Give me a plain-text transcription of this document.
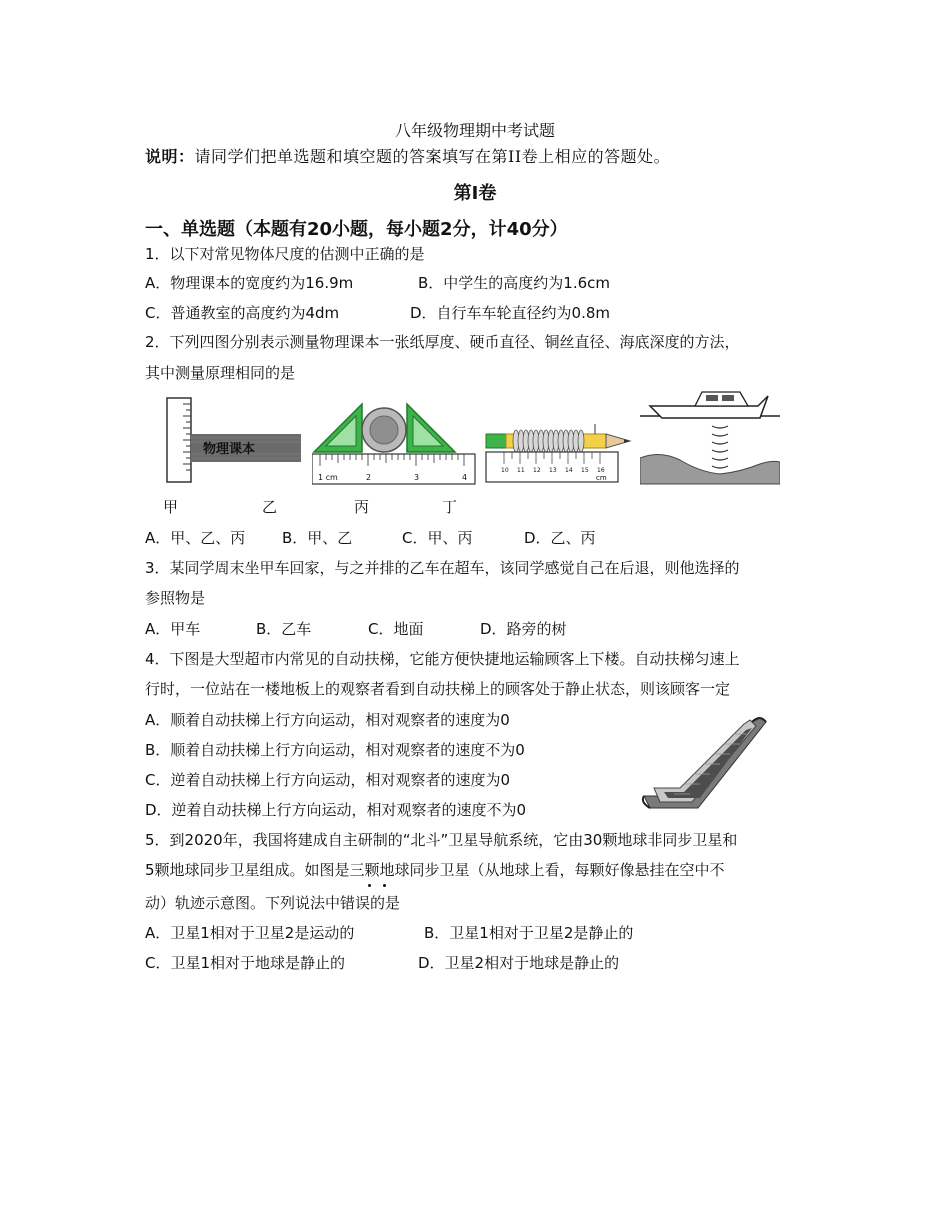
八年级物理期中考试题
说明：请同学们把单选题和填空题的答案填写在第II卷上相应的答题处。
第I卷
一、单选题（本题有20小题，每小题2分，计40分）
1．以下对常见物体尺度的估测中正确的是
A．物理课本的宽度约为16.9m	B．中学生的高度约为1.6cm
C．普通教室的高度约为4dm	D．自行车车轮直径约为0.8m
2．下列四图分别表示测量物理课本一张纸厚度、硬币直径、铜丝直径、海底深度的方法，
其中测量原理相同的是
物理课本
1 cm	2	3	4
10 11 12 13 14 15 16
cm
甲	乙	丙	丁
A．甲、乙、丙 B．甲、乙	C．甲、丙	D．乙、丙
3．某同学周末坐甲车回家，与之并排的乙车在超车，该同学感觉自己在后退，则他选择的
参照物是
A．甲车	B．乙车	C．地面	D．路旁的树
4．下图是大型超市内常见的自动扶梯，它能方便快捷地运输顾客上下楼。自动扶梯匀速上
行时，一位站在一楼地板上的观察者看到自动扶梯上的顾客处于静止状态，则该顾客一定
A．顺着自动扶梯上行方向运动，相对观察者的速度为0
B．顺着自动扶梯上行方向运动，相对观察者的速度不为0
C．逆着自动扶梯上行方向运动，相对观察者的速度为0
D．逆着自动扶梯上行方向运动，相对观察者的速度不为0
5．到2020年，我国将建成自主研制的“北斗”卫星导航系统，它由30颗地球非同步卫星和
5颗地球同步卫星组成。如图是三颗地球同步卫星（从地球上看，每颗好像悬挂在空中不
动）轨迹示意图。下列说法中错误的是
A．卫星1相对于卫星2是运动的	B．卫星1相对于卫星2是静止的
C．卫星1相对于地球是静止的	D．卫星2相对于地球是静止的
